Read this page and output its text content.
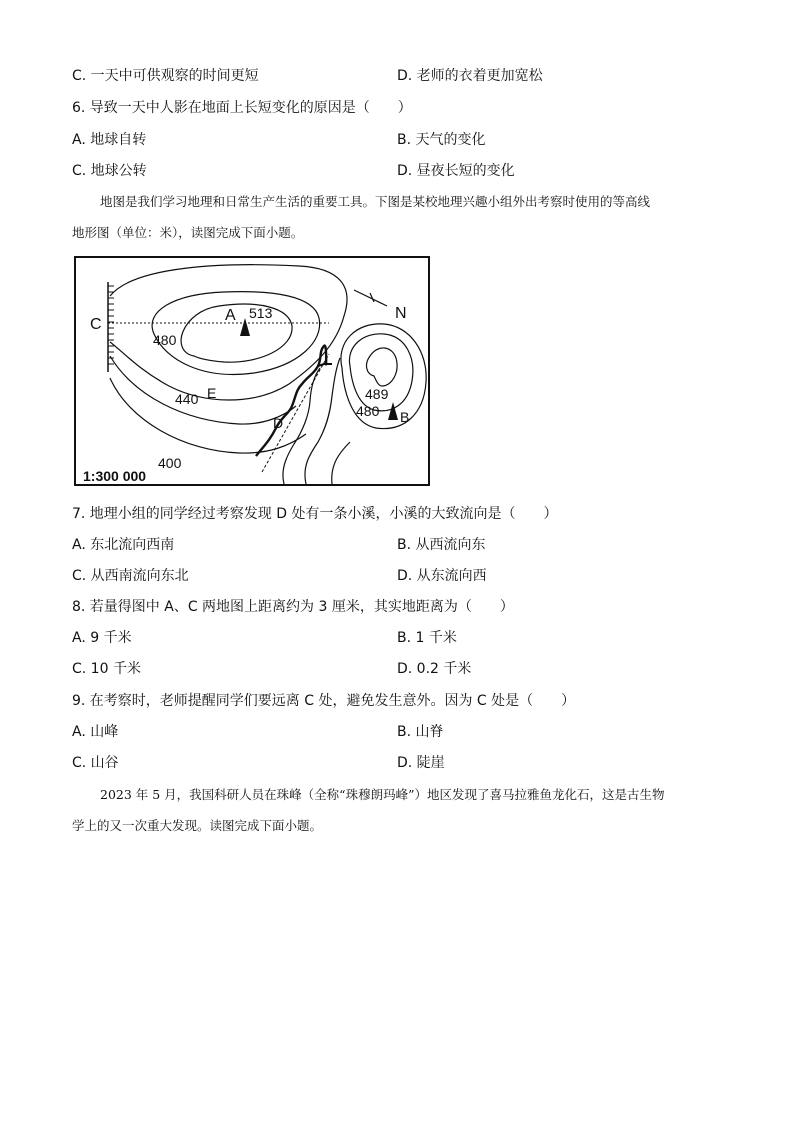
C. 一天中可供观察的时间更短	D. 老师的衣着更加宽松
6. 导致一天中人影在地面上长短变化的原因是（　　）
A. 地球自转	B. 天气的变化
C. 地球公转	D. 昼夜长短的变化
地图是我们学习地理和日常生产生活的重要工具。下图是某校地理兴趣小组外出考察时使用的等高线
地形图（单位：米），读图完成下面小题。
N
C
A 513
480
440 E
D
400
489
480 B
1:300 000
7. 地理小组的同学经过考察发现 D 处有一条小溪，小溪的大致流向是（　　）
A. 东北流向西南	B. 从西流向东
C. 从西南流向东北	D. 从东流向西
8. 若量得图中 A、C 两地图上距离约为 3 厘米，其实地距离为（　　）
A. 9 千米	B. 1 千米
C. 10 千米	D. 0.2 千米
9. 在考察时，老师提醒同学们要远离 C 处，避免发生意外。因为 C 处是（　　）
A. 山峰	B. 山脊
C. 山谷	D. 陡崖
2023 年 5 月，我国科研人员在珠峰（全称“珠穆朗玛峰”）地区发现了喜马拉雅鱼龙化石，这是古生物
学上的又一次重大发现。读图完成下面小题。
